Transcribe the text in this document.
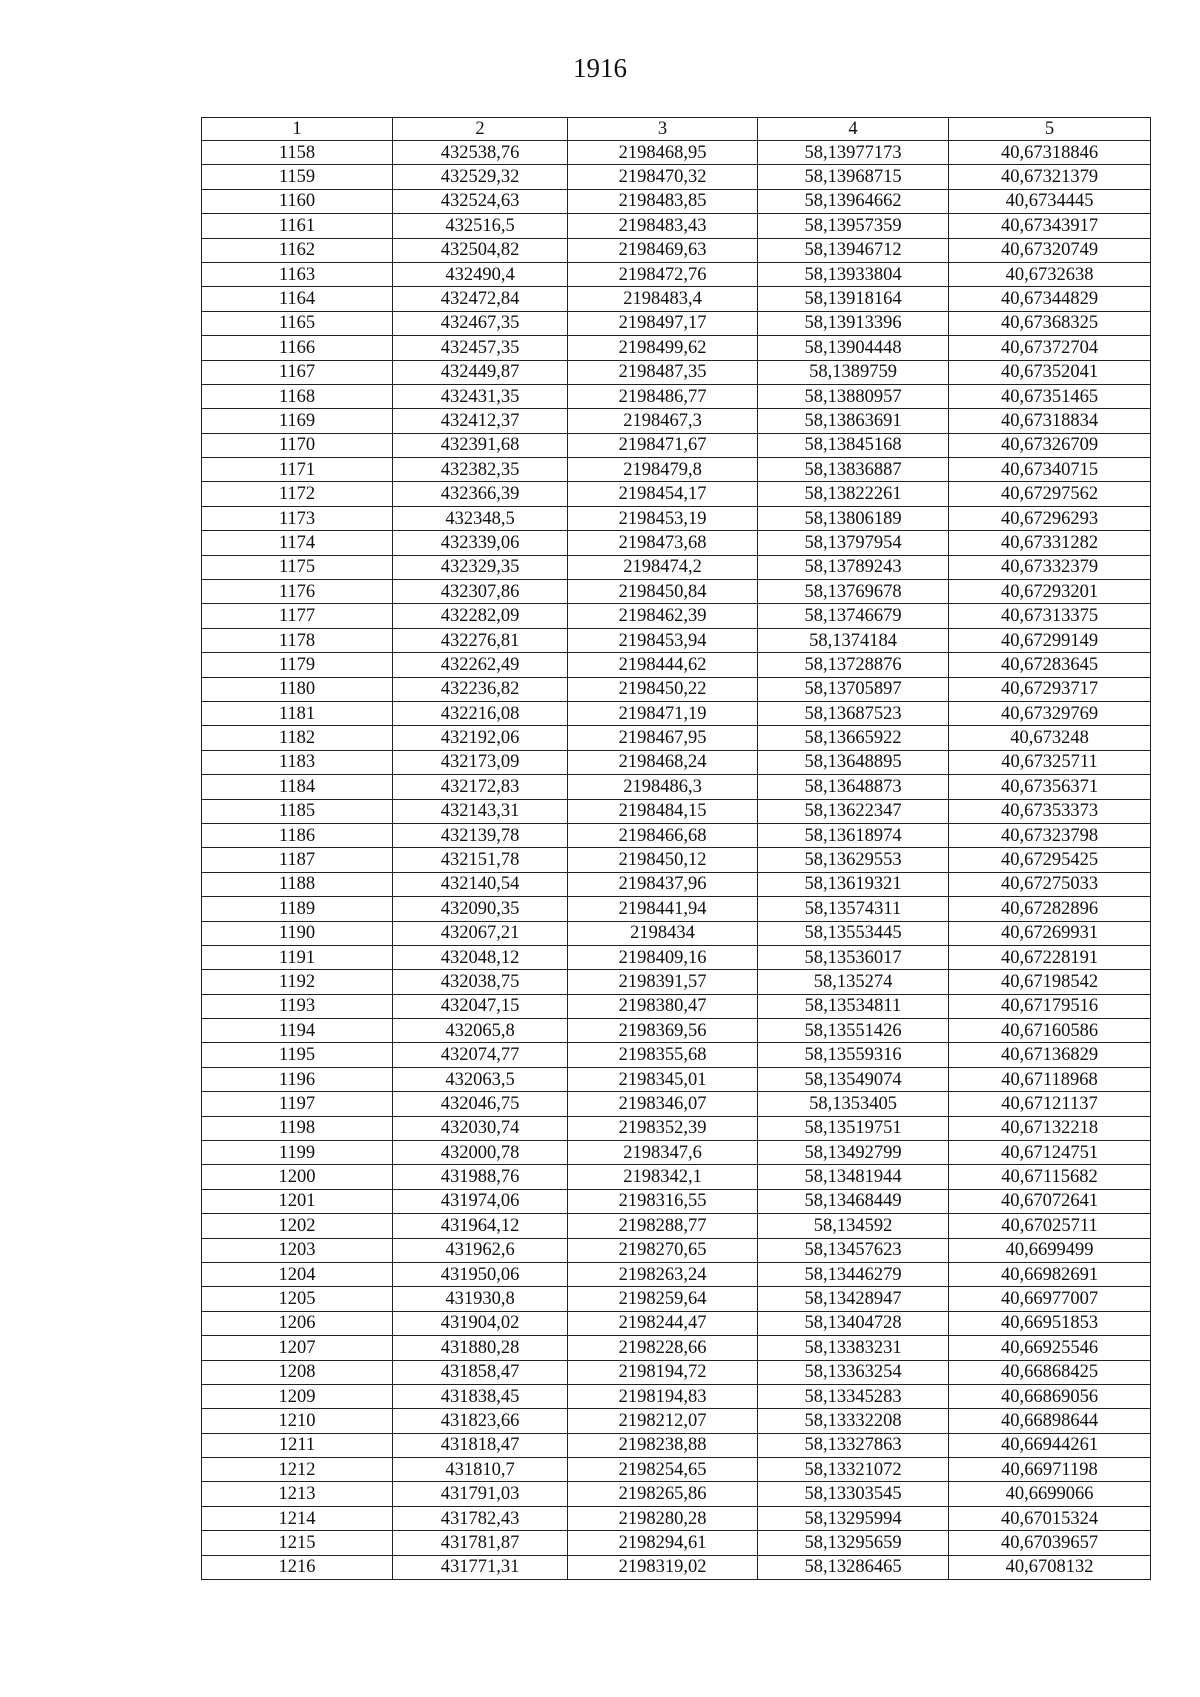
1916
1	2	3	4	5
1158	432538,76	2198468,95	58,13977173	40,67318846
1159	432529,32	2198470,32	58,13968715	40,67321379
1160	432524,63	2198483,85	58,13964662	40,6734445
1161	432516,5	2198483,43	58,13957359	40,67343917
1162	432504,82	2198469,63	58,13946712	40,67320749
1163	432490,4	2198472,76	58,13933804	40,6732638
1164	432472,84	2198483,4	58,13918164	40,67344829
1165	432467,35	2198497,17	58,13913396	40,67368325
1166	432457,35	2198499,62	58,13904448	40,67372704
1167	432449,87	2198487,35	58,1389759	40,67352041
1168	432431,35	2198486,77	58,13880957	40,67351465
1169	432412,37	2198467,3	58,13863691	40,67318834
1170	432391,68	2198471,67	58,13845168	40,67326709
1171	432382,35	2198479,8	58,13836887	40,67340715
1172	432366,39	2198454,17	58,13822261	40,67297562
1173	432348,5	2198453,19	58,13806189	40,67296293
1174	432339,06	2198473,68	58,13797954	40,67331282
1175	432329,35	2198474,2	58,13789243	40,67332379
1176	432307,86	2198450,84	58,13769678	40,67293201
1177	432282,09	2198462,39	58,13746679	40,67313375
1178	432276,81	2198453,94	58,1374184	40,67299149
1179	432262,49	2198444,62	58,13728876	40,67283645
1180	432236,82	2198450,22	58,13705897	40,67293717
1181	432216,08	2198471,19	58,13687523	40,67329769
1182	432192,06	2198467,95	58,13665922	40,673248
1183	432173,09	2198468,24	58,13648895	40,67325711
1184	432172,83	2198486,3	58,13648873	40,67356371
1185	432143,31	2198484,15	58,13622347	40,67353373
1186	432139,78	2198466,68	58,13618974	40,67323798
1187	432151,78	2198450,12	58,13629553	40,67295425
1188	432140,54	2198437,96	58,13619321	40,67275033
1189	432090,35	2198441,94	58,13574311	40,67282896
1190	432067,21	2198434	58,13553445	40,67269931
1191	432048,12	2198409,16	58,13536017	40,67228191
1192	432038,75	2198391,57	58,135274	40,67198542
1193	432047,15	2198380,47	58,13534811	40,67179516
1194	432065,8	2198369,56	58,13551426	40,67160586
1195	432074,77	2198355,68	58,13559316	40,67136829
1196	432063,5	2198345,01	58,13549074	40,67118968
1197	432046,75	2198346,07	58,1353405	40,67121137
1198	432030,74	2198352,39	58,13519751	40,67132218
1199	432000,78	2198347,6	58,13492799	40,67124751
1200	431988,76	2198342,1	58,13481944	40,67115682
1201	431974,06	2198316,55	58,13468449	40,67072641
1202	431964,12	2198288,77	58,134592	40,67025711
1203	431962,6	2198270,65	58,13457623	40,6699499
1204	431950,06	2198263,24	58,13446279	40,66982691
1205	431930,8	2198259,64	58,13428947	40,66977007
1206	431904,02	2198244,47	58,13404728	40,66951853
1207	431880,28	2198228,66	58,13383231	40,66925546
1208	431858,47	2198194,72	58,13363254	40,66868425
1209	431838,45	2198194,83	58,13345283	40,66869056
1210	431823,66	2198212,07	58,13332208	40,66898644
1211	431818,47	2198238,88	58,13327863	40,66944261
1212	431810,7	2198254,65	58,13321072	40,66971198
1213	431791,03	2198265,86	58,13303545	40,6699066
1214	431782,43	2198280,28	58,13295994	40,67015324
1215	431781,87	2198294,61	58,13295659	40,67039657
1216	431771,31	2198319,02	58,13286465	40,6708132
